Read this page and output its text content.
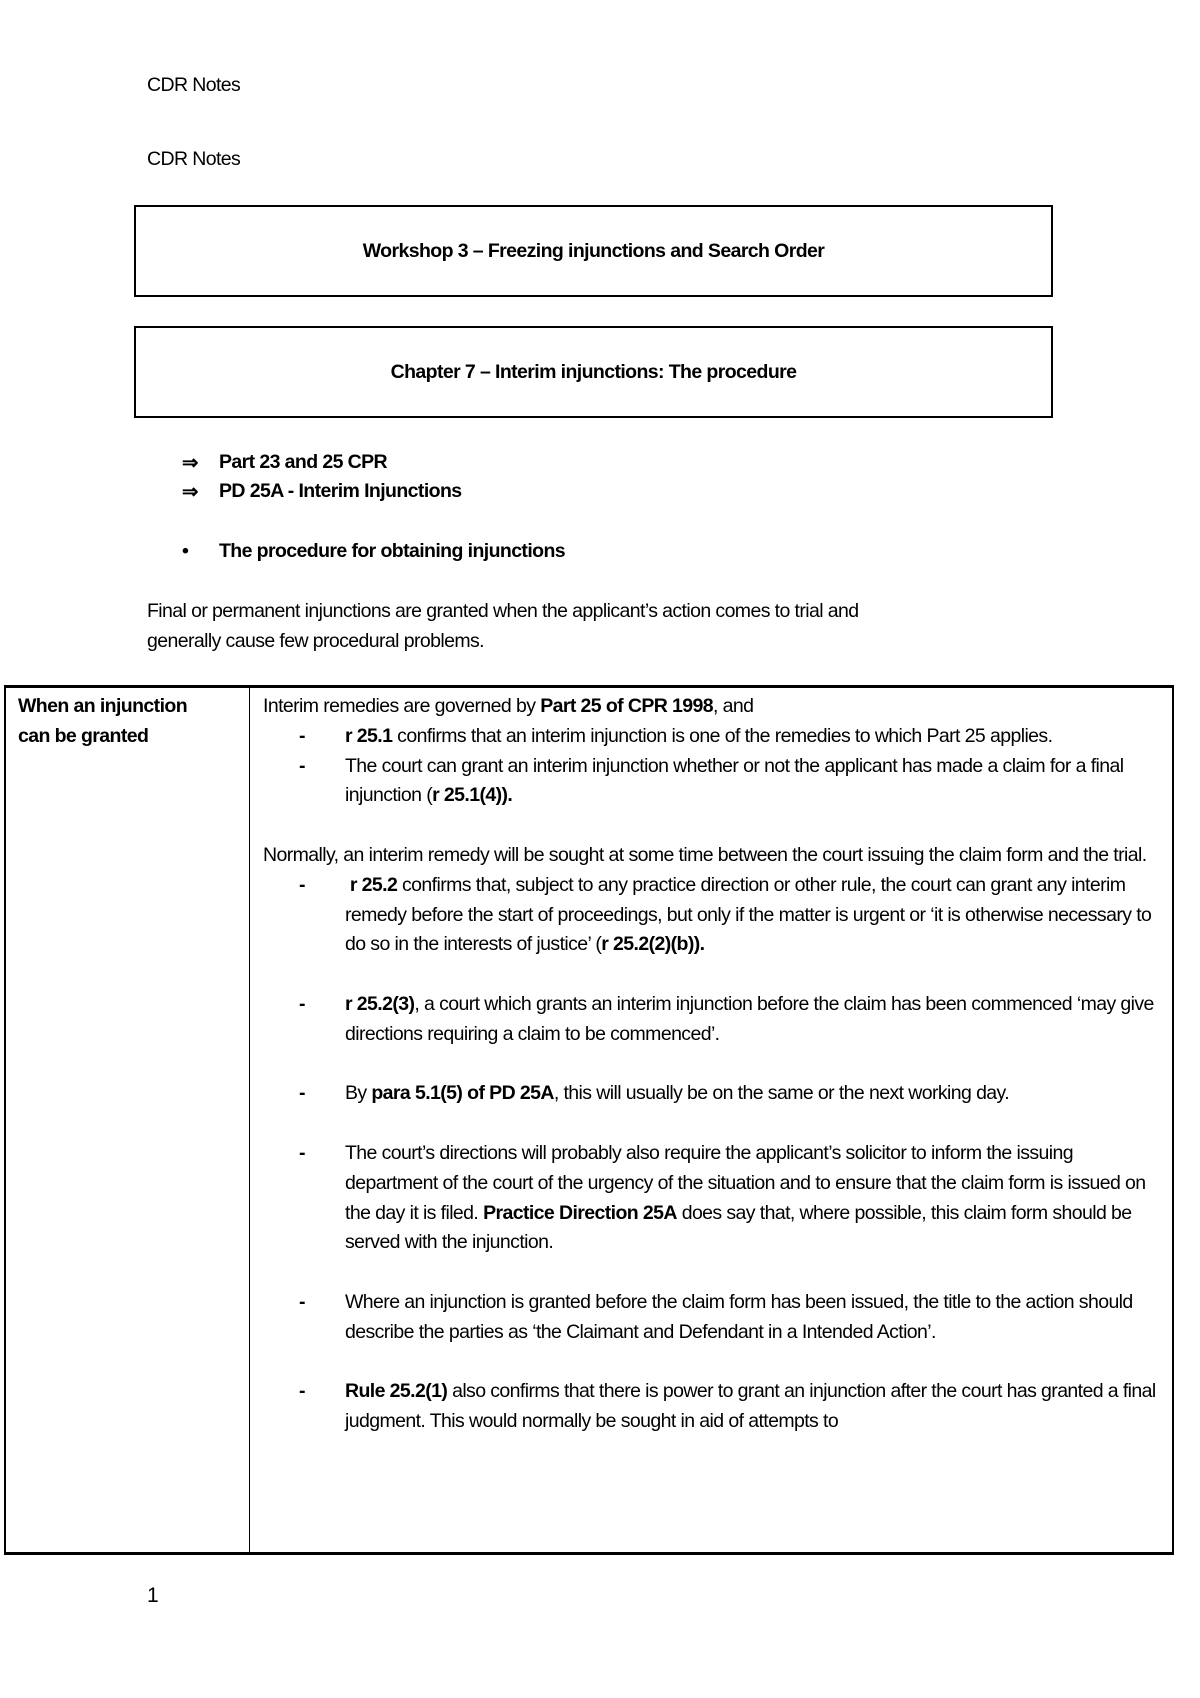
CDR Notes
CDR Notes
Workshop 3 – Freezing injunctions and Search Order
Chapter 7 – Interim injunctions: The procedure
⇒ Part 23 and 25 CPR
⇒ PD 25A - Interim Injunctions
• The procedure for obtaining injunctions
Final or permanent injunctions are granted when the applicant’s action comes to trial and
generally cause few procedural problems.
When an injunction
can be granted
Interim remedies are governed by Part 25 of CPR 1998, and
- r 25.1 confirms that an interim injunction is one of the remedies to which Part 25 applies.
- The court can grant an interim injunction whether or not the applicant has made a claim for a final injunction (r 25.1(4)).
Normally, an interim remedy will be sought at some time between the court issuing the claim form and the trial.
- r 25.2 confirms that, subject to any practice direction or other rule, the court can grant any interim remedy before the start of proceedings, but only if the matter is urgent or ‘it is otherwise necessary to do so in the interests of justice’ (r 25.2(2)(b)).
- r 25.2(3), a court which grants an interim injunction before the claim has been commenced ‘may give directions requiring a claim to be commenced’.
- By para 5.1(5) of PD 25A, this will usually be on the same or the next working day.
- The court’s directions will probably also require the applicant’s solicitor to inform the issuing department of the court of the urgency of the situation and to ensure that the claim form is issued on the day it is filed. Practice Direction 25A does say that, where possible, this claim form should be served with the injunction.
- Where an injunction is granted before the claim form has been issued, the title to the action should describe the parties as ‘the Claimant and Defendant in a Intended Action’.
- Rule 25.2(1) also confirms that there is power to grant an injunction after the court has granted a final judgment. This would normally be sought in aid of attempts to
1
